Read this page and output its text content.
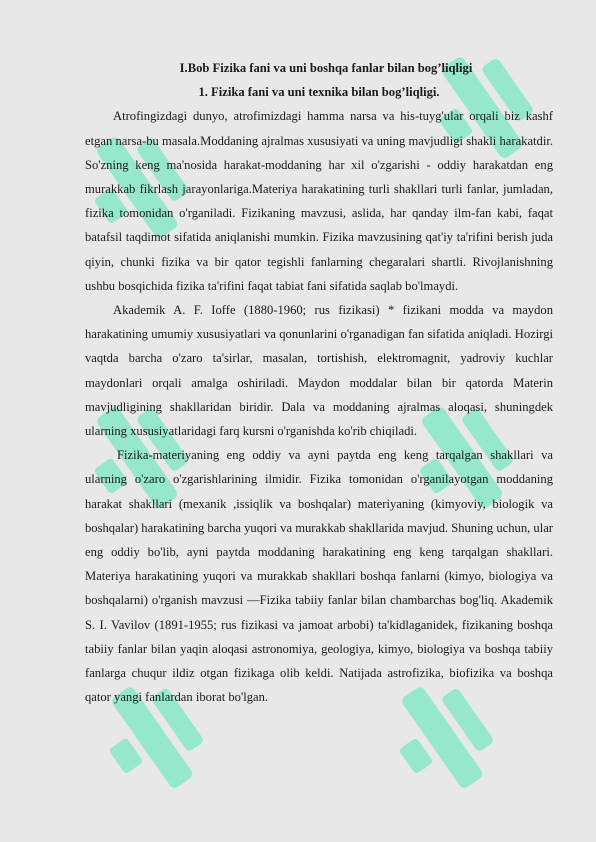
I.Bob Fizika fani va uni boshqa fanlar bilan bog’liqligi

1. Fizika fani va uni texnika bilan bog’liqligi.

Atrofingizdagi dunyo, atrofimizdagi hamma narsa va his-tuyg'ular orqali biz kashf etgan narsa-bu masala.Moddaning ajralmas xususiyati va uning mavjudligi shakli harakatdir. So'zning keng ma'nosida harakat-moddaning har xil o'zgarishi - oddiy harakatdan eng murakkab fikrlash jarayonlariga.Materiya harakatining turli shakllari turli fanlar, jumladan, fizika tomonidan o'rganiladi. Fizikaning mavzusi, aslida, har qanday ilm-fan kabi, faqat batafsil taqdimot sifatida aniqlanishi mumkin. Fizika mavzusining qat'iy ta'rifini berish juda qiyin, chunki fizika va bir qator tegishli fanlarning chegaralari shartli. Rivojlanishning ushbu bosqichida fizika ta'rifini faqat tabiat fani sifatida saqlab bo'lmaydi.

Akademik A. F. Ioffe (1880-1960; rus fizikasi) * fizikani modda va maydon harakatining umumiy xususiyatlari va qonunlarini o'rganadigan fan sifatida aniqladi. Hozirgi vaqtda barcha o'zaro ta'sirlar, masalan, tortishish, elektromagnit, yadroviy kuchlar maydonlari orqali amalga oshiriladi. Maydon moddalar bilan bir qatorda Materin mavjudligining shakllaridan biridir. Dala va moddaning ajralmas aloqasi, shuningdek ularning xususiyatlaridagi farq kursni o'rganishda ko'rib chiqiladi.

Fizika-materiyaning eng oddiy va ayni paytda eng keng tarqalgan shakllari va ularning o'zaro o'zgarishlarining ilmidir. Fizika tomonidan o'rganilayotgan moddaning harakat shakllari (mexanik ,issiqlik va boshqalar) materiyaning (kimyoviy, biologik va boshqalar) harakatining barcha yuqori va murakkab shakllarida mavjud. Shuning uchun, ular eng oddiy bo'lib, ayni paytda moddaning harakatining eng keng tarqalgan shakllari. Materiya harakatining yuqori va murakkab shakllari boshqa fanlarni (kimyo, biologiya va boshqalarni) o'rganish mavzusi —Fizika tabiiy fanlar bilan chambarchas bog'liq. Akademik S. I. Vavilov (1891-1955; rus fizikasi va jamoat arbobi) ta'kidlaganidek, fizikaning boshqa tabiiy fanlar bilan yaqin aloqasi astronomiya, geologiya, kimyo, biologiya va boshqa tabiiy fanlarga chuqur ildiz otgan fizikaga olib keldi. Natijada astrofizika, biofizika va boshqa qator yangi fanlardan iborat bo'lgan.
